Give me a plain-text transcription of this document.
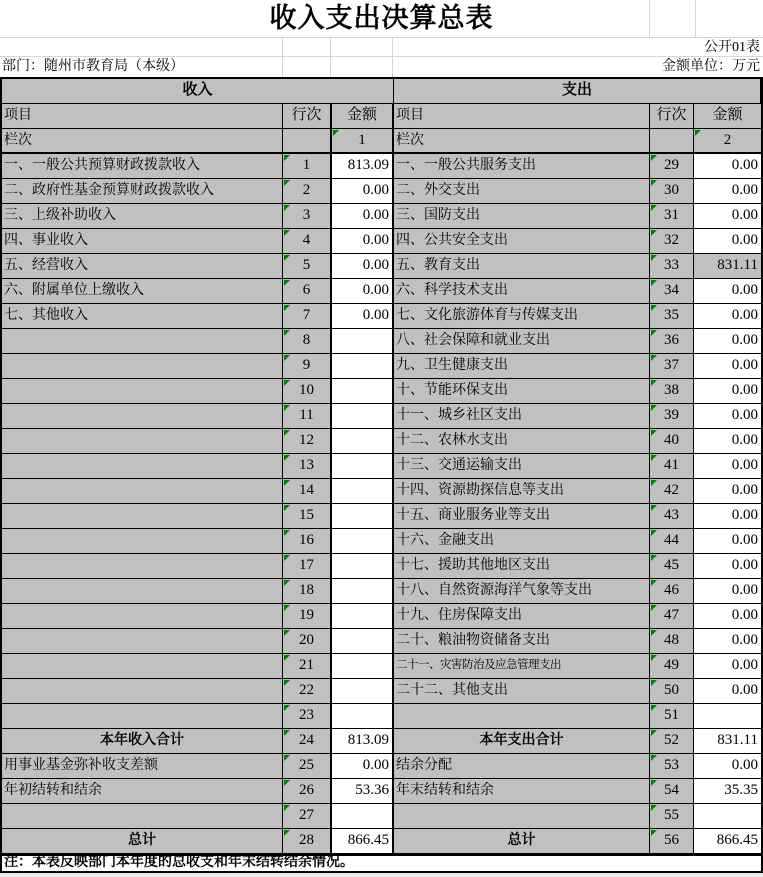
收入支出决算总表
公开01表
部门：随州市教育局（本级）	金额单位：万元
收入
项目	行次	金额
栏次	1
一、一般公共预算财政拨款收入	1	813.09
二、政府性基金预算财政拨款收入	2	0.00
三、上级补助收入	3	0.00
四、事业收入	4	0.00
五、经营收入	5	0.00
六、附属单位上缴收入	6	0.00
七、其他收入	7	0.00
8
9
10
11
12
13
14
15
16
17
18
19
20
21
22
23
本年收入合计	24	813.09
用事业基金弥补收支差额	25	0.00
年初结转和结余	26	53.36
27
总计	28	866.45
支出
项目	行次	金额
栏次	2
一、一般公共服务支出	29	0.00
二、外交支出	30	0.00
三、国防支出	31	0.00
四、公共安全支出	32	0.00
五、教育支出	33	831.11
六、科学技术支出	34	0.00
七、文化旅游体育与传媒支出	35	0.00
八、社会保障和就业支出	36	0.00
九、卫生健康支出	37	0.00
十、节能环保支出	38	0.00
十一、城乡社区支出	39	0.00
十二、农林水支出	40	0.00
十三、交通运输支出	41	0.00
十四、资源勘探信息等支出	42	0.00
十五、商业服务业等支出	43	0.00
十六、金融支出	44	0.00
十七、援助其他地区支出	45	0.00
十八、自然资源海洋气象等支出	46	0.00
十九、住房保障支出	47	0.00
二十、粮油物资储备支出	48	0.00
二十一、灾害防治及应急管理支出	49	0.00
二十二、其他支出	50	0.00
51
本年支出合计	52	831.11
结余分配	53	0.00
年末结转和结余	54	35.35
55
总计	56	866.45
注：本表反映部门本年度的总收支和年末结转结余情况。
